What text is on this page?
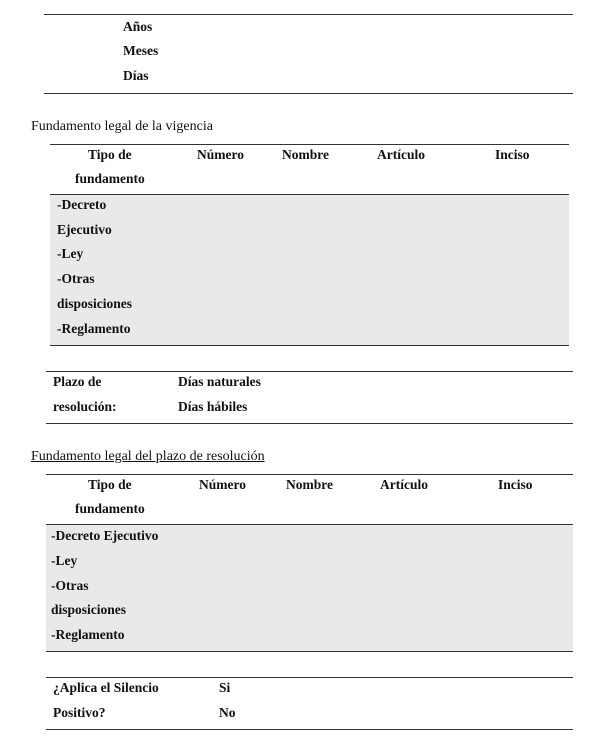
Años
Meses
Días
Fundamento legal de la vigencia
Tipo de
fundamento
Número	Nombre	Artículo	Inciso
-Decreto
Ejecutivo
-Ley
-Otras
disposiciones
-Reglamento
Plazo de
resolución:
Días naturales
Días hábiles
Fundamento legal del plazo de resolución
Tipo de
fundamento
Número	Nombre	Artículo	Inciso
-Decreto Ejecutivo
-Ley
-Otras
disposiciones
-Reglamento
¿Aplica el Silencio
Positivo?
Si
No
